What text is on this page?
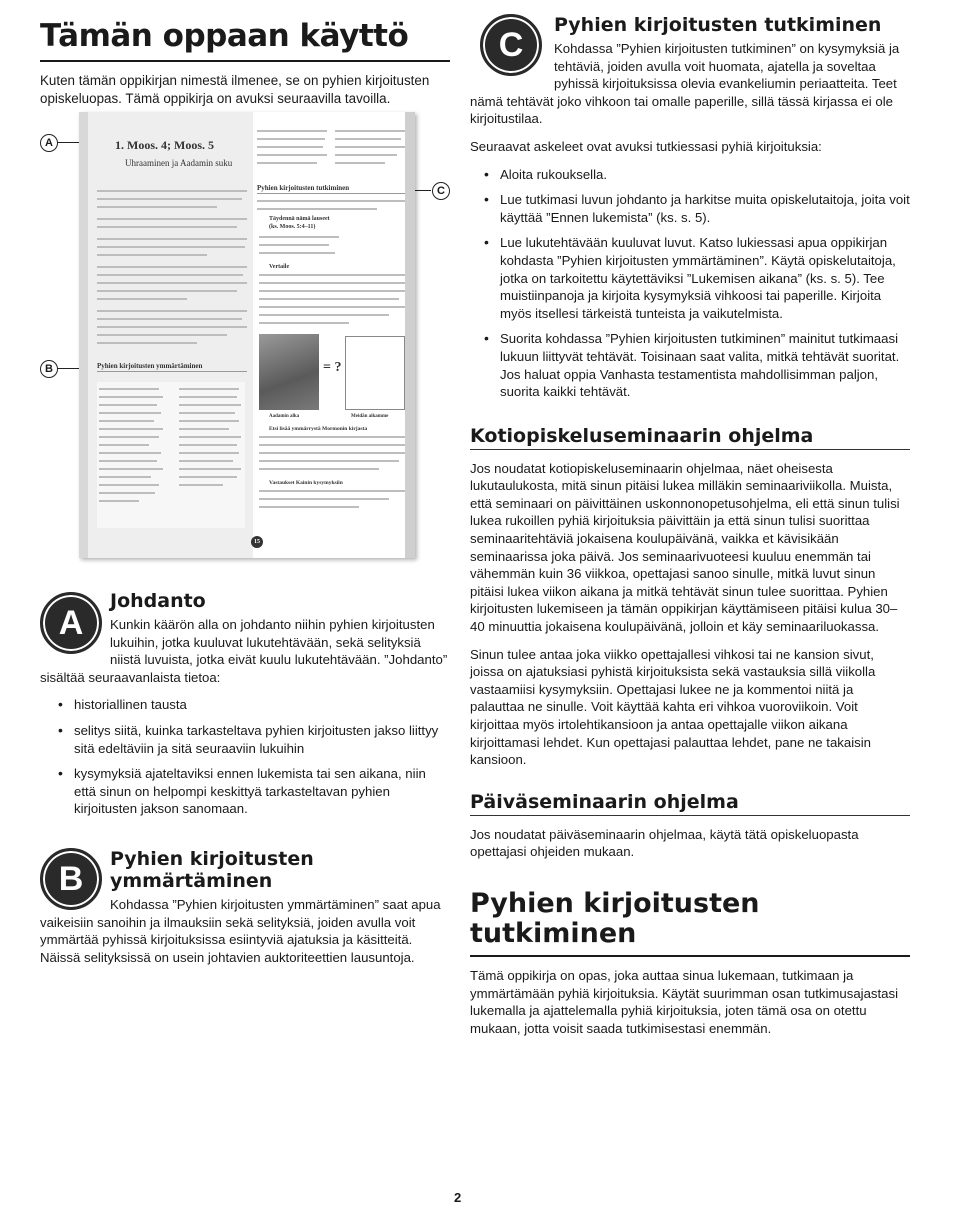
Tämän oppaan käyttö

Kuten tämän oppikirjan nimestä ilmenee, se on pyhien kirjoitusten opiskeluopas. Tämä oppikirja on avuksi seuraavilla tavoilla.

A
B
C
1. Moos. 4; Moos. 5
Uhraaminen ja Aadamin suku
Pyhien kirjoitusten ymmärtäminen
Pyhien kirjoitusten tutkiminen
Täydennä nämä lauseet
(ks. Moos. 5:4–11)
Vertaile
= ?
Aadamin alka	Meidän aikamme
Etsi lisää ymmärrystä Mormonin kirjasta
Vastaukset Kainin kysymyksiin
15
A
Johdanto

Kunkin käärön alla on johdanto niihin pyhien kirjoitusten lukuihin, jotka kuuluvat lukutehtävään, sekä selityksiä niistä luvuista, jotka eivät kuulu lukutehtävään. ”Johdanto” sisältää seuraavanlaista tietoa:

• historiallinen tausta
• selitys siitä, kuinka tarkasteltava pyhien kirjoitusten jakso liittyy sitä edeltäviin ja sitä seuraaviin lukuihin
• kysymyksiä ajateltaviksi ennen lukemista tai sen aikana, niin että sinun on helpompi keskittyä tarkasteltavan pyhien kirjoitusten jakson sanomaan.
B
Pyhien kirjoitusten ymmärtäminen

Kohdassa ”Pyhien kirjoitusten ymmärtäminen” saat apua vaikeisiin sanoihin ja ilmauksiin sekä selityksiä, joiden avulla voit ymmärtää pyhissä kirjoituksissa esiintyviä ajatuksia ja käsitteitä. Näissä selityksissä on usein johtavien auktoriteettien lausuntoja.

C
Pyhien kirjoitusten tutkiminen

Kohdassa ”Pyhien kirjoitusten tutkiminen” on kysymyksiä ja tehtäviä, joiden avulla voit huomata, ajatella ja soveltaa pyhissä kirjoituksissa olevia evankeliumin periaatteita. Teet nämä tehtävät joko vihkoon tai omalle paperille, sillä tässä kirjassa ei ole kirjoitustilaa.

Seuraavat askeleet ovat avuksi tutkiessasi pyhiä kirjoituksia:

• Aloita rukouksella.
• Lue tutkimasi luvun johdanto ja harkitse muita opiskelutaitoja, joita voit käyttää ”Ennen lukemista” (ks. s. 5).
• Lue lukutehtävään kuuluvat luvut. Katso lukiessasi apua oppikirjan kohdasta ”Pyhien kirjoitusten ymmärtäminen”. Käytä opiskelutaitoja, jotka on tarkoitettu käytettäviksi ”Lukemisen aikana” (ks. s. 5). Tee muistiinpanoja ja kirjoita kysymyksiä vihkoosi tai paperille. Kirjoita myös itsellesi tärkeistä tunteista ja vaikutelmista.
• Suorita kohdassa ”Pyhien kirjoitusten tutkiminen” mainitut tutkimaasi lukuun liittyvät tehtävät. Toisinaan saat valita, mitkä tehtävät suoritat. Jos haluat oppia Vanhasta testamentista mahdollisimman paljon, suorita kaikki tehtävät.
Kotiopiskeluseminaarin ohjelma

Jos noudatat kotiopiskeluseminaarin ohjelmaa, näet oheisesta lukutaulukosta, mitä sinun pitäisi lukea milläkin seminaariviikolla. Muista, että seminaari on päivittäinen uskonnonopetusohjelma, eli että sinun tulisi lukea rukoillen pyhiä kirjoituksia päivittäin ja että sinun tulisi suorittaa seminaaritehtäviä jokaisena koulupäivänä, vaikka et kävisikään seminaarissa joka päivä. Jos seminaarivuoteesi kuuluu enemmän tai vähemmän kuin 36 viikkoa, opettajasi sanoo sinulle, mitkä luvut sinun pitäisi lukea viikon aikana ja mitkä tehtävät sinun tulee suorittaa. Pyhien kirjoitusten lukemiseen ja tämän oppikirjan käyttämiseen pitäisi kulua 30–40 minuuttia jokaisena koulupäivänä, jolloin et käy seminaariluokassa.

Sinun tulee antaa joka viikko opettajallesi vihkosi tai ne kansion sivut, joissa on ajatuksiasi pyhistä kirjoituksista sekä vastauksia sillä viikolla vastaamiisi kysymyksiin. Opettajasi lukee ne ja kommentoi niitä ja palauttaa ne sinulle. Voit käyttää kahta eri vihkoa vuoroviikoin. Voit kirjoittaa myös irtolehtikansioon ja antaa opettajalle viikon aikana kirjoittamasi lehdet. Kun opettajasi palauttaa lehdet, pane ne takaisin kansioon.

Päiväseminaarin ohjelma

Jos noudatat päiväseminaarin ohjelmaa, käytä tätä opiskeluopasta opettajasi ohjeiden mukaan.

Pyhien kirjoitusten tutkiminen

Tämä oppikirja on opas, joka auttaa sinua lukemaan, tutkimaan ja ymmärtämään pyhiä kirjoituksia. Käytät suurimman osan tutkimusajastasi lukemalla ja ajattelemalla pyhiä kirjoituksia, joten tämä osa on otettu mukaan, jotta voisit saada tutkimisestasi enemmän.

2
